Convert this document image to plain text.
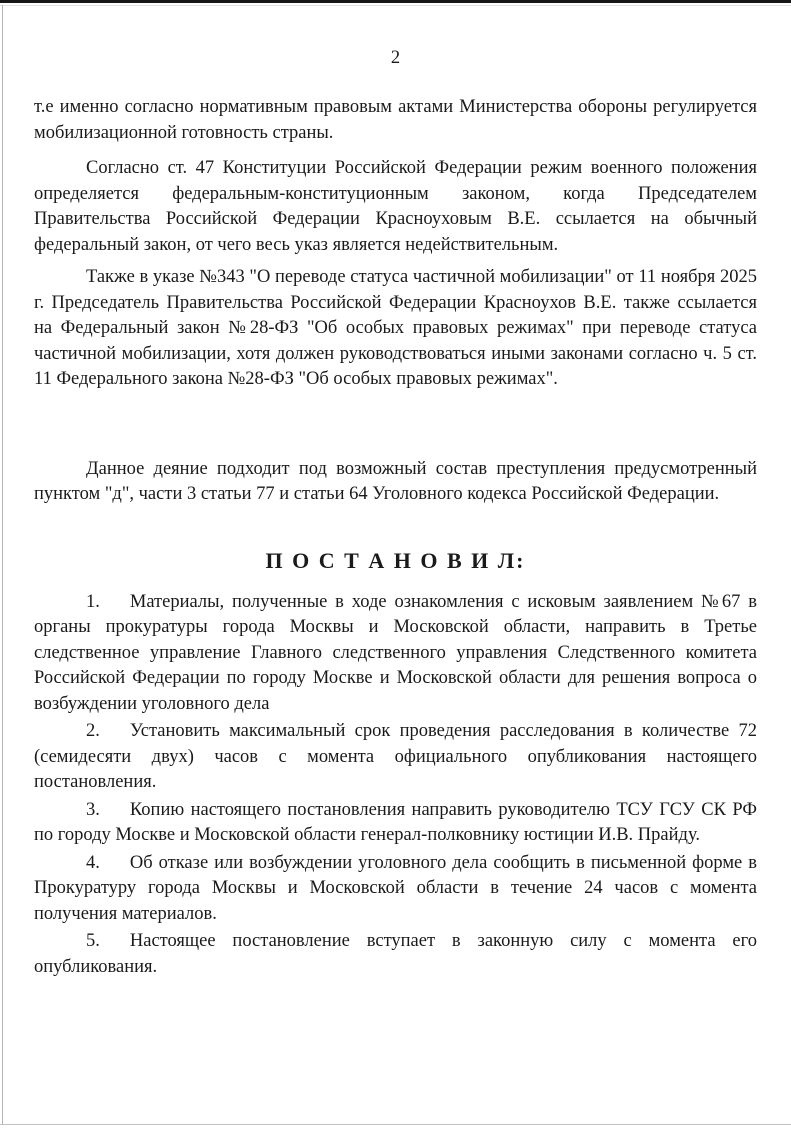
2

т.е именно согласно нормативным правовым актами Министерства обороны регулируется мобилизационной готовность страны.

Согласно ст. 47 Конституции Российской Федерации режим военного положения определяется федеральным-конституционным законом, когда Председателем Правительства Российской Федерации Красноуховым В.Е. ссылается на обычный федеральный закон, от чего весь указ является недействительным.

Также в указе №343 "О переводе статуса частичной мобилизации" от 11 ноября 2025 г. Председатель Правительства Российской Федерации Красноухов В.Е. также ссылается на Федеральный закон №28-ФЗ "Об особых правовых режимах" при переводе статуса частичной мобилизации, хотя должен руководствоваться иными законами согласно ч. 5 ст. 11 Федерального закона №28-ФЗ "Об особых правовых режимах".

Данное деяние подходит под возможный состав преступления предусмотренный пунктом "д", части 3 статьи 77 и статьи 64 Уголовного кодекса Российской Федерации.

П О С Т А Н О В И Л:

1. Материалы, полученные в ходе ознакомления с исковым заявлением №67 в органы прокуратуры города Москвы и Московской области, направить в Третье следственное управление Главного следственного управления Следственного комитета Российской Федерации по городу Москве и Московской области для решения вопроса о возбуждении уголовного дела

2. Установить максимальный срок проведения расследования в количестве 72 (семидесяти двух) часов с момента официального опубликования настоящего постановления.

3. Копию настоящего постановления направить руководителю ТСУ ГСУ СК РФ по городу Москве и Московской области генерал-полковнику юстиции И.В. Прайду.

4. Об отказе или возбуждении уголовного дела сообщить в письменной форме в Прокуратуру города Москвы и Московской области в течение 24 часов с момента получения материалов.

5. Настоящее постановление вступает в законную силу с момента его опубликования.
